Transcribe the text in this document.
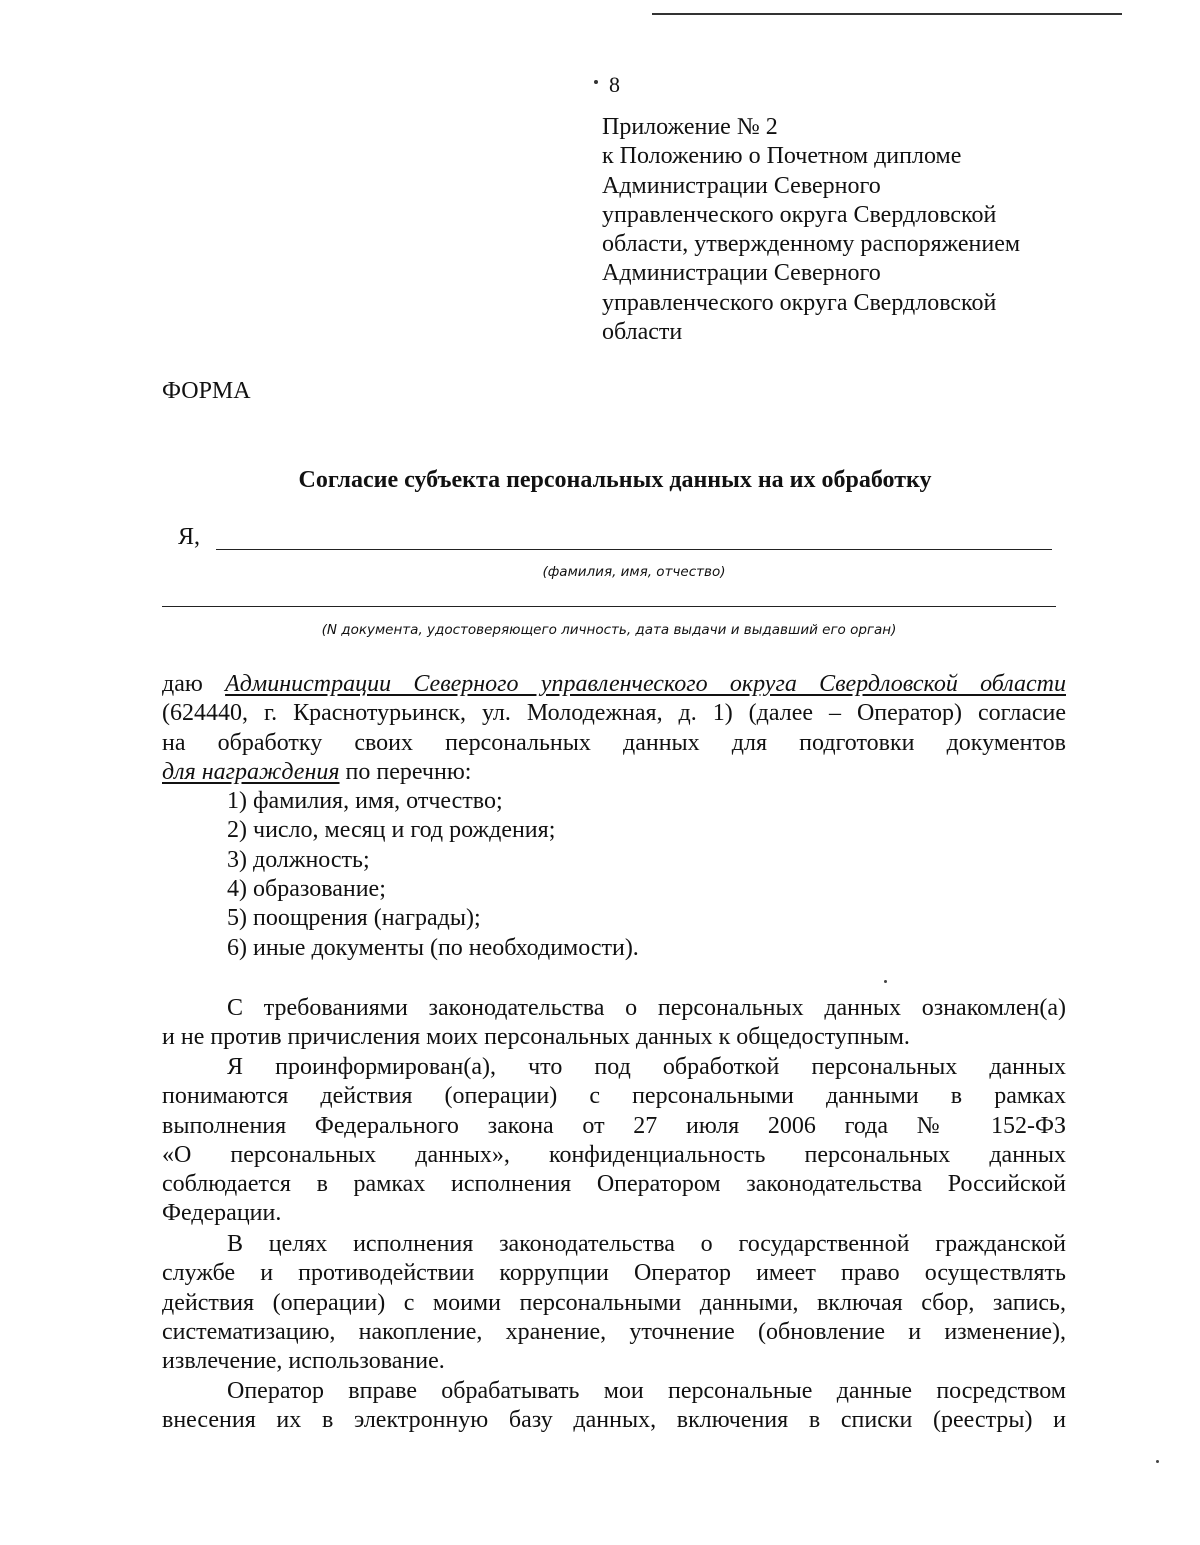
8
Приложение № 2
к Положению о Почетном дипломе
Администрации Северного
управленческого округа Свердловской
области, утвержденному распоряжением
Администрации Северного
управленческого округа Свердловской
области
ФОРМА
Согласие субъекта персональных данных на их обработку
Я,
(фамилия, имя, отчество)
(N документа, удостоверяющего личность, дата выдачи и выдавший его орган)
даю Администрации Северного управленческого округа Свердловской области
(624440, г. Краснотурьинск, ул. Молодежная, д. 1) (далее – Оператор) согласие
на обработку своих персональных данных для подготовки документов
для награждения по перечню:
1) фамилия, имя, отчество;
2) число, месяц и год рождения;
3) должность;
4) образование;
5) поощрения (награды);
6) иные документы (по необходимости).
С требованиями законодательства о персональных данных ознакомлен(а)
и не против причисления моих персональных данных к общедоступным.
Я проинформирован(а), что под обработкой персональных данных
понимаются действия (операции) с персональными данными в рамках
выполнения Федерального закона от 27 июля 2006 года № 152-ФЗ
«О персональных данных», конфиденциальность персональных данных
соблюдается в рамках исполнения Оператором законодательства Российской
Федерации.
В целях исполнения законодательства о государственной гражданской
службе и противодействии коррупции Оператор имеет право осуществлять
действия (операции) с моими персональными данными, включая сбор, запись,
систематизацию, накопление, хранение, уточнение (обновление и изменение),
извлечение, использование.
Оператор вправе обрабатывать мои персональные данные посредством
внесения их в электронную базу данных, включения в списки (реестры) и
